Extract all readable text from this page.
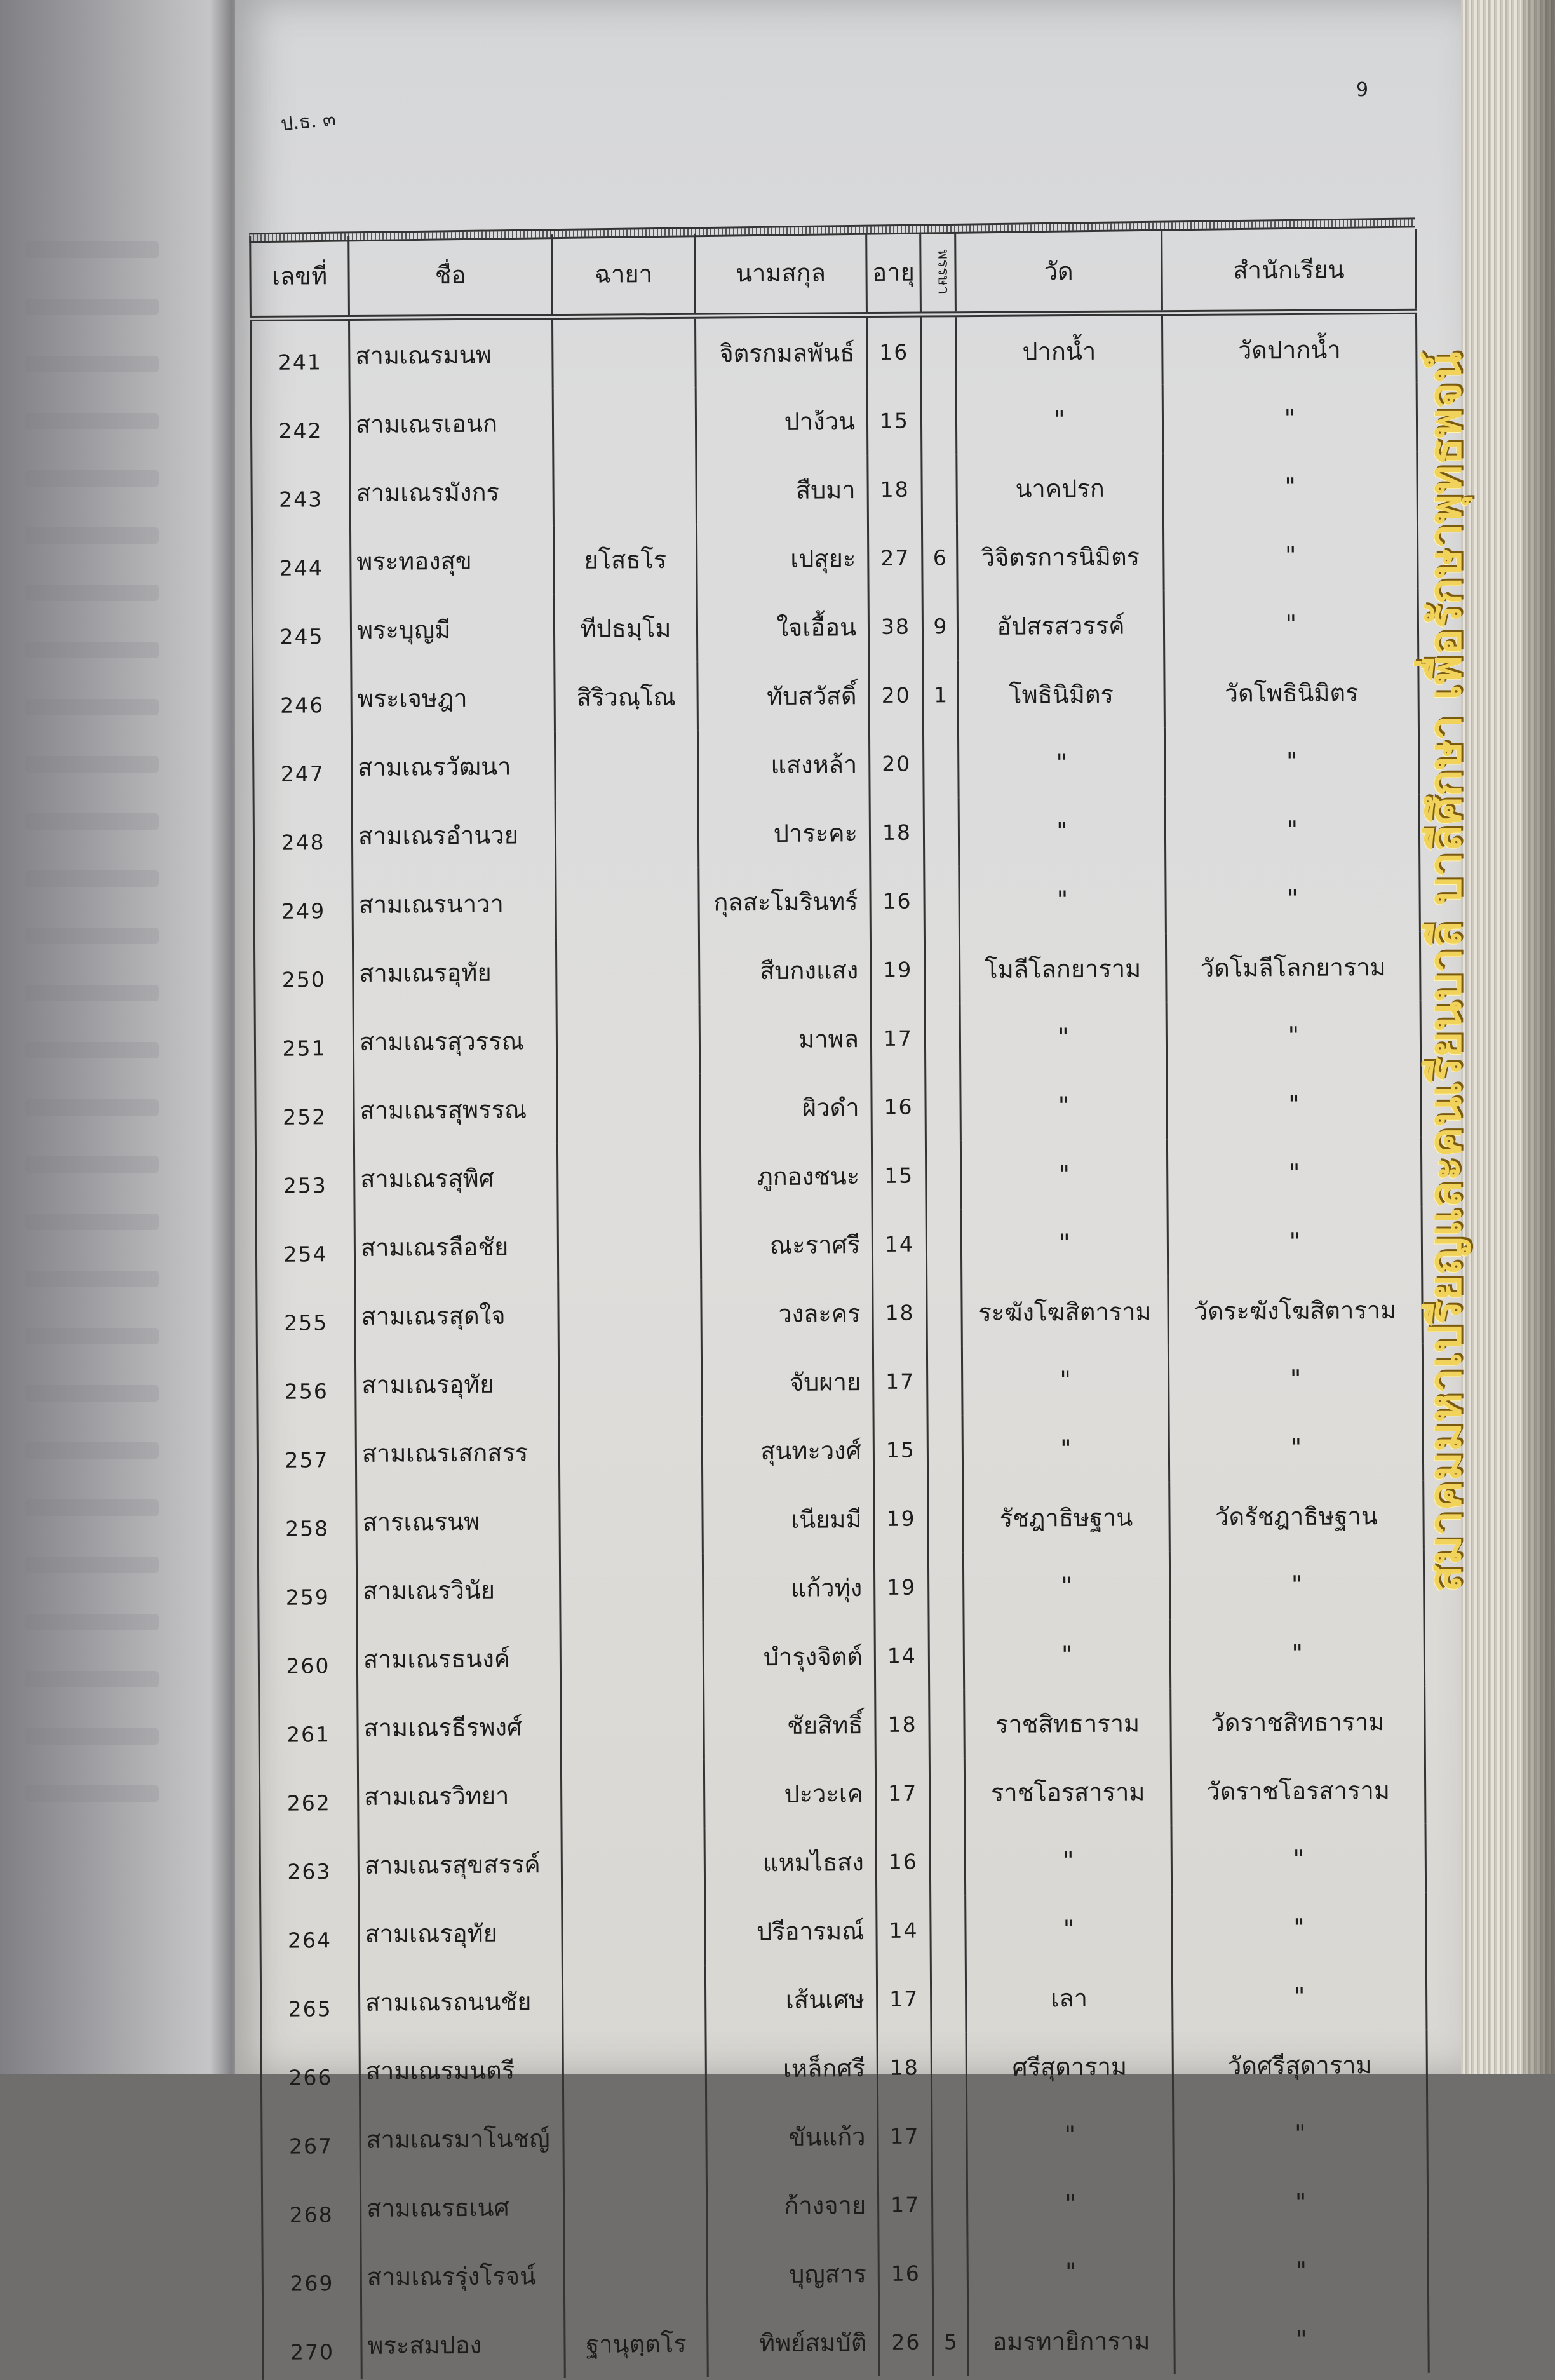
ป.ธ. ๓
9
เลขที่	ชื่อ	ฉายา	นามสกุล	อายุ	พรรษา	วัด	สำนักเรียน
241	สามเณรมนพ		จิตรกมลพันธ์	16		ปากน้ำ	วัดปากน้ำ
242	สามเณรเอนก		ปาง้วน	15		"	"
243	สามเณรมังกร		สืบมา	18		นาคปรก	"
244	พระทองสุข	ยโสธโร	เปสุยะ	27	6	วิจิตรการนิมิตร	"
245	พระบุญมี	ทีปธมฺโม	ใจเอื้อน	38	9	อัปสรสวรรค์	"
246	พระเจษฎา	สิริวณฺโณ	ทับสวัสดิ์	20	1	โพธินิมิตร	วัดโพธินิมิตร
247	สามเณรวัฒนา		แสงหล้า	20		"	"
248	สามเณรอำนวย		ปาระคะ	18		"	"
249	สามเณรนาวา		กุลสะโมรินทร์	16		"	"
250	สามเณรอุทัย		สืบกงแสง	19		โมลีโลกยาราม	วัดโมลีโลกยาราม
251	สามเณรสุวรรณ		มาพล	17		"	"
252	สามเณรสุพรรณ		ผิวดำ	16		"	"
253	สามเณรสุพิศ		ภูกองชนะ	15		"	"
254	สามเณรลือชัย		ณะราศรี	14		"	"
255	สามเณรสุดใจ		วงละคร	18		ระฆังโฆสิตาราม	วัดระฆังโฆสิตาราม
256	สามเณรอุทัย		จับผาย	17		"	"
257	สามเณรเสกสรร		สุนทะวงศ์	15		"	"
258	สารเณรนพ		เนียมมี	19		รัชฎาธิษฐาน	วัดรัชฎาธิษฐาน
259	สามเณรวินัย		แก้วทุ่ง	19		"	"
260	สามเณรธนงค์		บำรุงจิตต์	14		"	"
261	สามเณรธีรพงศ์		ชัยสิทธิ์	18		ราชสิทธาราม	วัดราชสิทธาราม
262	สามเณรวิทยา		ปะวะเค	17		ราชโอรสาราม	วัดราชโอรสาราม
263	สามเณรสุขสรรค์		แหมไธสง	16		"	"
264	สามเณรอุทัย		ปรีอารมณ์	14		"	"
265	สามเณรถนนชัย		เส้นเศษ	17		เลา	"
266	สามเณรมนตรี		เหล็กศรี	18		ศรีสุดาราม	วัดศรีสุดาราม
267	สามเณรมาโนชญ์		ขันแก้ว	17		"	"
268	สามเณรธเนศ		ก้างจาย	17		"	"
269	สามเณรรุ่งโรจน์		บุญสาร	16		"	"
270	พระสมปอง	ฐานุตฺตโร	ทิพย์สมบัติ	26	5	อมรทายิการาม	"
สมาคมมหาเปรียญและคนเรียนบาลี บาลีศึกษา เพื่อรักษาพุทธพจน์
